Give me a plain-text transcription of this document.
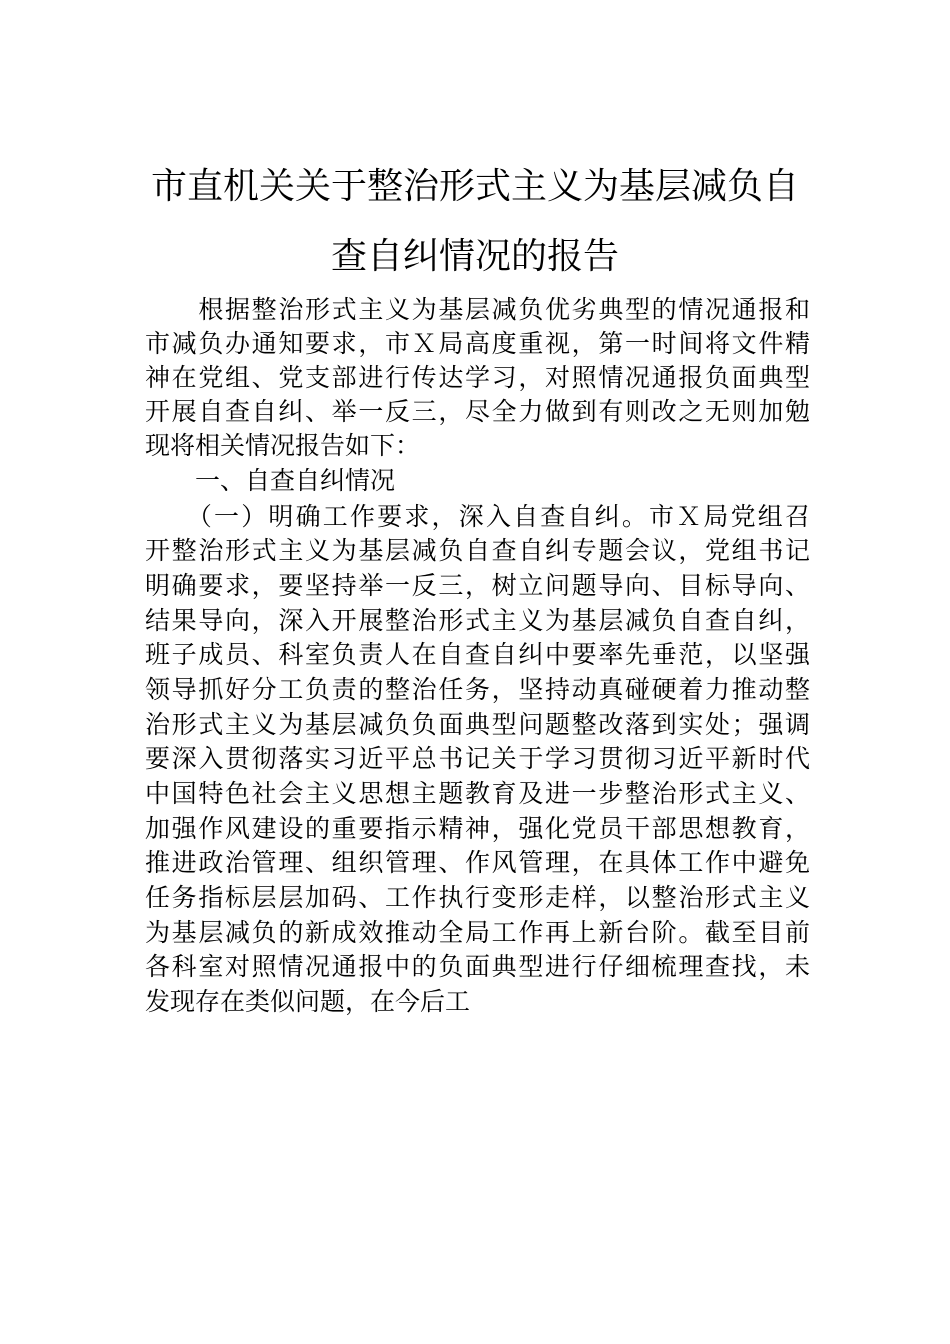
市直机关关于整治形式主义为基层减负自
查自纠情况的报告

　　根据整治形式主义为基层减负优劣典型的情况通报和

市减负办通知要求，市Ｘ局高度重视，第一时间将文件精

神在党组、党支部进行传达学习，对照情况通报负面典型

开展自查自纠、举一反三，尽全力做到有则改之无则加勉

现将相关情况报告如下：

　　一、自查自纠情况

　　（一）明确工作要求，深入自查自纠。市Ｘ局党组召

开整治形式主义为基层减负自查自纠专题会议，党组书记

明确要求，要坚持举一反三，树立问题导向、目标导向、

结果导向，深入开展整治形式主义为基层减负自查自纠，

班子成员、科室负责人在自查自纠中要率先垂范，以坚强

领导抓好分工负责的整治任务，坚持动真碰硬着力推动整

治形式主义为基层减负负面典型问题整改落到实处；强调

要深入贯彻落实习近平总书记关于学习贯彻习近平新时代

中国特色社会主义思想主题教育及进一步整治形式主义、

加强作风建设的重要指示精神，强化党员干部思想教育，

推进政治管理、组织管理、作风管理，在具体工作中避免

任务指标层层加码、工作执行变形走样，以整治形式主义

为基层减负的新成效推动全局工作再上新台阶。截至目前

各科室对照情况通报中的负面典型进行仔细梳理查找，未

发现存在类似问题，在今后工
